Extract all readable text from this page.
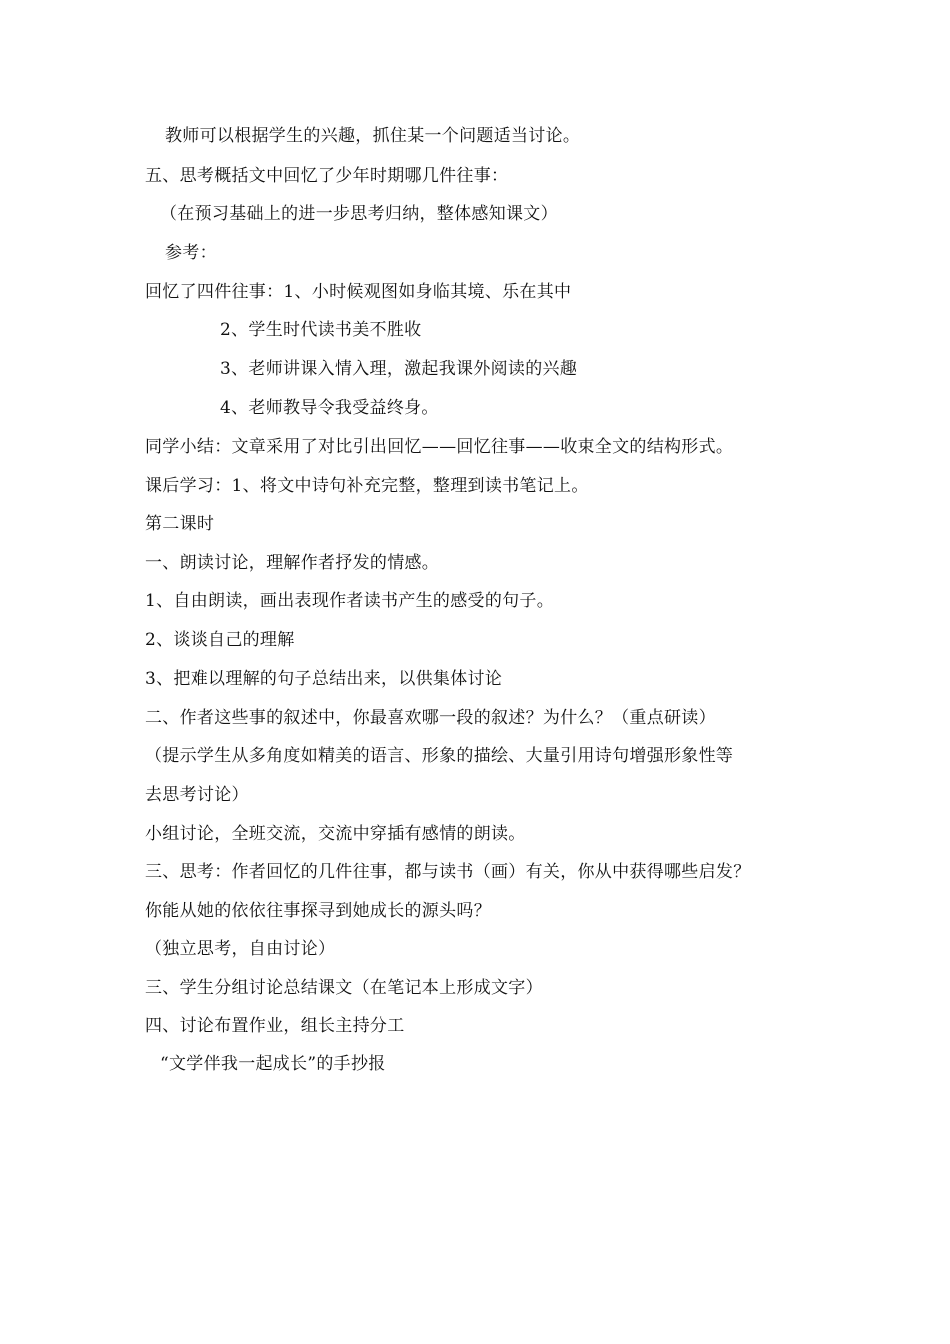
教师可以根据学生的兴趣，抓住某一个问题适当讨论。
五、思考概括文中回忆了少年时期哪几件往事：
（在预习基础上的进一步思考归纳，整体感知课文）
参考：
回忆了四件往事：1、小时候观图如身临其境、乐在其中
2、学生时代读书美不胜收
3、老师讲课入情入理，激起我课外阅读的兴趣
4、老师教导令我受益终身。
同学小结：文章采用了对比引出回忆——回忆往事——收束全文的结构形式。
课后学习：1、将文中诗句补充完整，整理到读书笔记上。
第二课时
一、朗读讨论，理解作者抒发的情感。
1、自由朗读，画出表现作者读书产生的感受的句子。
2、谈谈自己的理解
3、把难以理解的句子总结出来，以供集体讨论
二、作者这些事的叙述中，你最喜欢哪一段的叙述？为什么？（重点研读）
（提示学生从多角度如精美的语言、形象的描绘、大量引用诗句增强形象性等
去思考讨论）
小组讨论，全班交流，交流中穿插有感情的朗读。
三、思考：作者回忆的几件往事，都与读书（画）有关，你从中获得哪些启发？
你能从她的依依往事探寻到她成长的源头吗？
（独立思考，自由讨论）
三、学生分组讨论总结课文（在笔记本上形成文字）
四、讨论布置作业，组长主持分工
“文学伴我一起成长”的手抄报
